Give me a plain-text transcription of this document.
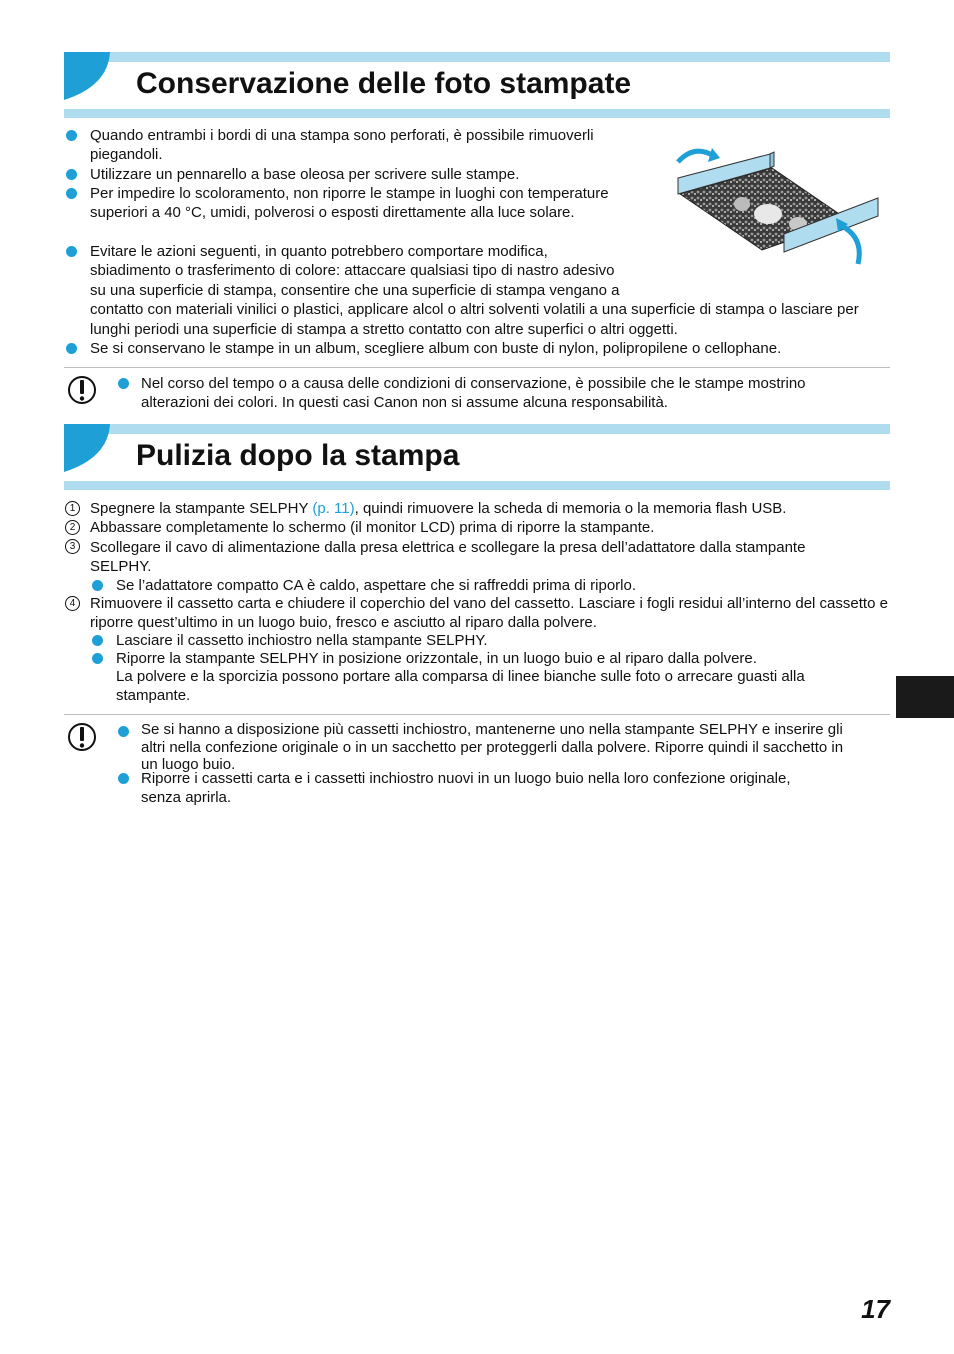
Conservazione delle foto stampate
Quando entrambi i bordi di una stampa sono perforati, è possibile rimuoverli piegandoli.
Utilizzare un pennarello a base oleosa per scrivere sulle stampe.
Per impedire lo scoloramento, non riporre le stampe in luoghi con temperature superiori a 40 °C, umidi, polverosi o esposti direttamente alla luce solare.
Evitare le azioni seguenti, in quanto potrebbero comportare modifica, sbiadimento o trasferimento di colore: attaccare qualsiasi tipo di nastro adesivo su una superficie di stampa, consentire che una superficie di stampa vengano a contatto con materiali vinilici o plastici, applicare alcol o altri solventi volatili a una superficie di stampa o lasciare per lunghi periodi una superficie di stampa a stretto contatto con altre superfici o altri oggetti.
Se si conservano le stampe in un album, scegliere album con buste di nylon, polipropilene o cellophane.
Nel corso del tempo o a causa delle condizioni di conservazione, è possibile che le stampe mostrino alterazioni dei colori. In questi casi Canon non si assume alcuna responsabilità.
Pulizia dopo la stampa
1 Spegnere la stampante SELPHY (p. 11), quindi rimuovere la scheda di memoria o la memoria flash USB.
2 Abbassare completamente lo schermo (il monitor LCD) prima di riporre la stampante.
3 Scollegare il cavo di alimentazione dalla presa elettrica e scollegare la presa dell’adattatore dalla stampante SELPHY.
Se l’adattatore compatto CA è caldo, aspettare che si raffreddi prima di riporlo.
4 Rimuovere il cassetto carta e chiudere il coperchio del vano del cassetto. Lasciare i fogli residui all’interno del cassetto e riporre quest’ultimo in un luogo buio, fresco e asciutto al riparo dalla polvere.
Lasciare il cassetto inchiostro nella stampante SELPHY.
Riporre la stampante SELPHY in posizione orizzontale, in un luogo buio e al riparo dalla polvere.
La polvere e la sporcizia possono portare alla comparsa di linee bianche sulle foto o arrecare guasti alla stampante.
Se si hanno a disposizione più cassetti inchiostro, mantenerne uno nella stampante SELPHY e inserire gli altri nella confezione originale o in un sacchetto per proteggerli dalla polvere. Riporre quindi il sacchetto in un luogo buio.
Riporre i cassetti carta e i cassetti inchiostro nuovi in un luogo buio nella loro confezione originale, senza aprirla.
17
